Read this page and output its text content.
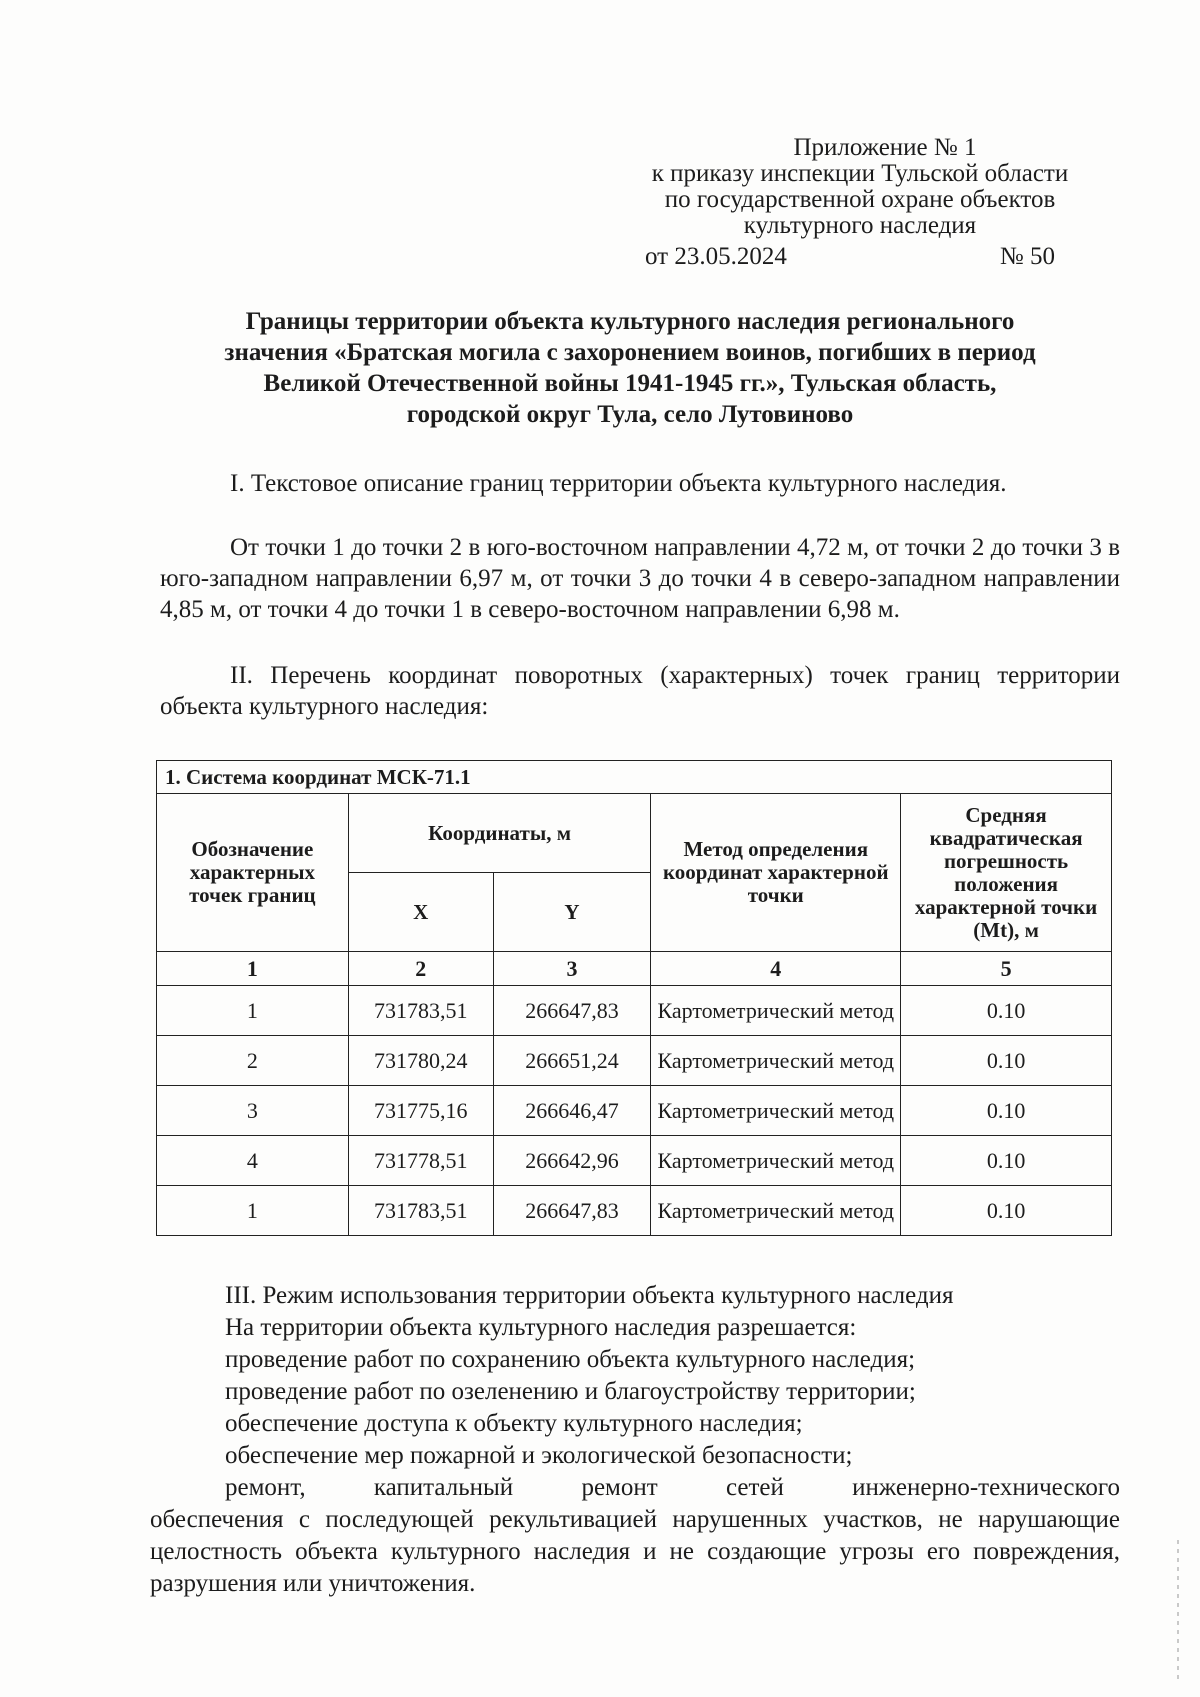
Приложение № 1
к приказу инспекции Тульской области
по государственной охране объектов
культурного наследия
от 23.05.2024	№ 50
Границы территории объекта культурного наследия регионального
значения «Братская могила с захоронением воинов, погибших в период
Великой Отечественной войны 1941-1945 гг.», Тульская область,
городской округ Тула, село Лутовиново
I. Текстовое описание границ территории объекта культурного наследия.
От точки 1 до точки 2 в юго-восточном направлении 4,72 м, от точки 2 до точки 3 в юго-западном направлении 6,97 м, от точки 3 до точки 4 в северо-западном направлении 4,85 м, от точки 4 до точки 1 в северо-восточном направлении 6,98 м.
II. Перечень координат поворотных (характерных) точек границ территории объекта культурного наследия:
1. Система координат МСК-71.1				
Обозначение характерных точек границ	Координаты, м		Метод определения координат характерной точки	Средняя квадратическая погрешность положения характерной точки (Mt), м
	X	Y		
1	2	3	4	5
1	731783,51	266647,83	Картометрический метод	0.10
2	731780,24	266651,24	Картометрический метод	0.10
3	731775,16	266646,47	Картометрический метод	0.10
4	731778,51	266642,96	Картометрический метод	0.10
1	731783,51	266647,83	Картометрический метод	0.10
III. Режим использования территории объекта культурного наследия
На территории объекта культурного наследия разрешается:
проведение работ по сохранению объекта культурного наследия;
проведение работ по озеленению и благоустройству территории;
обеспечение доступа к объекту культурного наследия;
обеспечение мер пожарной и экологической безопасности;
ремонт, капитальный ремонт сетей инженерно-технического
обеспечения с последующей рекультивацией нарушенных участков, не нарушающие целостность объекта культурного наследия и не создающие угрозы его повреждения, разрушения или уничтожения.
